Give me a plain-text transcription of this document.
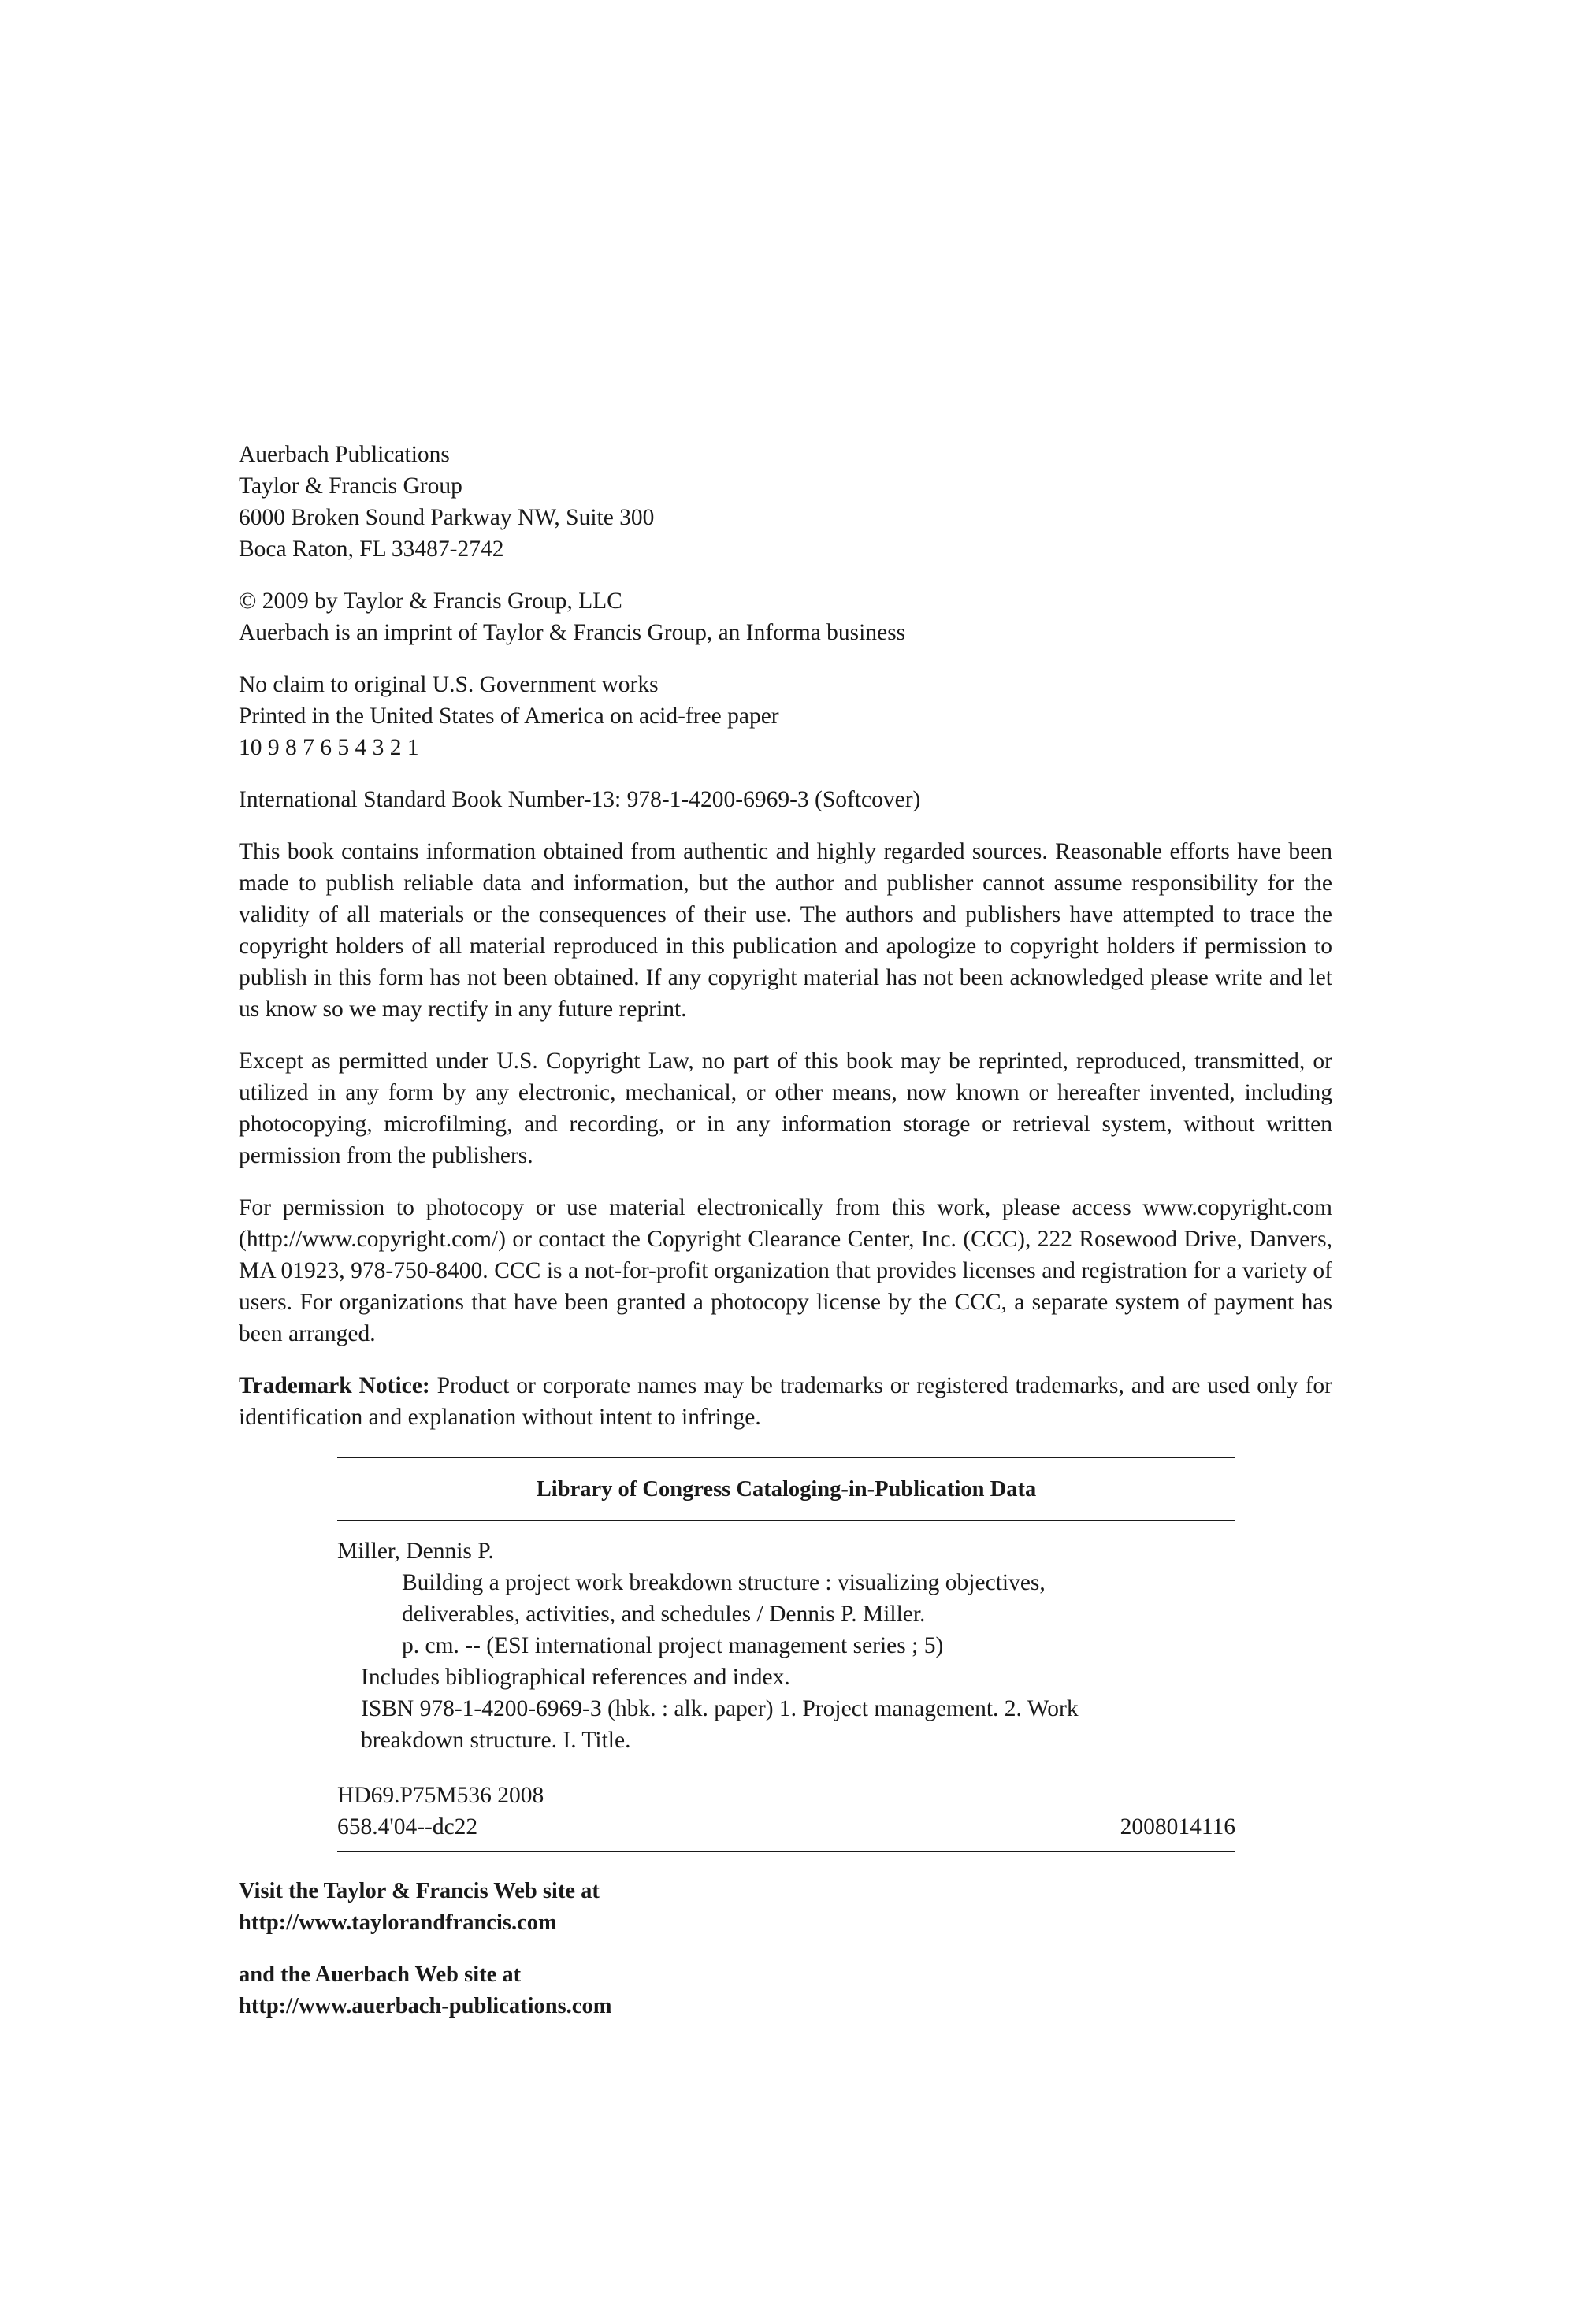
Auerbach Publications
Taylor & Francis Group
6000 Broken Sound Parkway NW, Suite 300
Boca Raton, FL 33487-2742
© 2009 by Taylor & Francis Group, LLC
Auerbach is an imprint of Taylor & Francis Group, an Informa business
No claim to original U.S. Government works
Printed in the United States of America on acid-free paper
10 9 8 7 6 5 4 3 2 1
International Standard Book Number-13: 978-1-4200-6969-3 (Softcover)

This book contains information obtained from authentic and highly regarded sources. Reasonable efforts have been made to publish reliable data and information, but the author and publisher cannot assume responsibility for the validity of all materials or the consequences of their use. The authors and publishers have attempted to trace the copyright holders of all material reproduced in this publication and apologize to copyright holders if permission to publish in this form has not been obtained. If any copyright material has not been acknowledged please write and let us know so we may rectify in any future reprint.

Except as permitted under U.S. Copyright Law, no part of this book may be reprinted, reproduced, transmitted, or utilized in any form by any electronic, mechanical, or other means, now known or hereafter invented, including photocopying, microfilming, and recording, or in any information storage or retrieval system, without written permission from the publishers.

For permission to photocopy or use material electronically from this work, please access www.copyright.com (http://www.copyright.com/) or contact the Copyright Clearance Center, Inc. (CCC), 222 Rosewood Drive, Danvers, MA 01923, 978-750-8400. CCC is a not-for-profit organization that provides licenses and registration for a variety of users. For organizations that have been granted a photocopy license by the CCC, a separate system of payment has been arranged.

Trademark Notice: Product or corporate names may be trademarks or registered trademarks, and are used only for identification and explanation without intent to infringe.

Library of Congress Cataloging-in-Publication Data
Miller, Dennis P.
Building a project work breakdown structure : visualizing objectives,
deliverables, activities, and schedules / Dennis P. Miller.
p. cm. -- (ESI international project management series ; 5)
Includes bibliographical references and index.
ISBN 978-1-4200-6969-3 (hbk. : alk. paper) 1. Project management. 2. Work
breakdown structure. I. Title.
HD69.P75M536 2008
658.4'04--dc22	2008014116
Visit the Taylor & Francis Web site at
http://www.taylorandfrancis.com
and the Auerbach Web site at
http://www.auerbach-publications.com
